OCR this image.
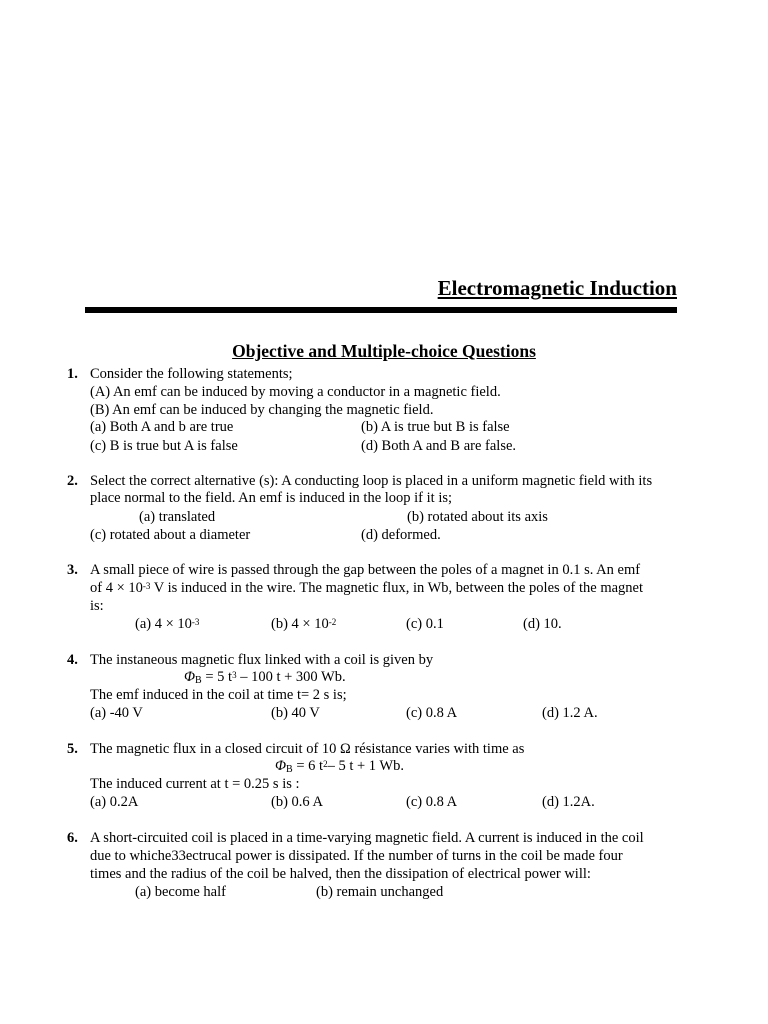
Electromagnetic Induction
Objective and Multiple-choice Questions
1. Consider the following statements;
(A) An emf can be induced by moving a conductor in a magnetic field.
(B) An emf can be induced by changing the magnetic field.
(a) Both A and b are true	(b) A is true but B is false
(c) B is true but A is false	(d) Both A and B are false.
2. Select the correct alternative (s): A conducting loop is placed in a uniform magnetic field with its
place normal to the field. An emf is induced in the loop if it is;
(a) translated	(b) rotated about its axis
(c) rotated about a diameter	(d) deformed.
3. A small piece of wire is passed through the gap between the poles of a magnet in 0.1 s. An emf
of $4 \times 10^{-3}$ V is induced in the wire. The magnetic flux, in Wb, between the poles of the magnet
is:
(a) $4 \times 10^{-3}$	(b) $4 \times 10^{-2}$	(c) 0.1	(d) 10.
4. The instaneous magnetic flux linked with a coil is given by
$\Phi_B = 5$ $t^3 - 100$ t + 300 Wb.
The emf induced in the coil at time t= 2 s is;
(a) -40 V	(b) 40 V	(c) 0.8 A	(d) 1.2 A.
5. The magnetic flux in a closed circuit of 10 Ω résistance varies with time as
$\Phi_B = 6$ $t^2-$ 5 t + 1 Wb.
The induced current at t = 0.25 s is :
(a) 0.2A	(b) 0.6 A	(c) 0.8 A	(d) 1.2A.
6. A short-circuited coil is placed in a time-varying magnetic field. A current is induced in the coil
due to whiche33ectrucal power is dissipated. If the number of turns in the coil be made four
times and the radius of the coil be halved, then the dissipation of electrical power will:
(a) become half	(b) remain unchanged
